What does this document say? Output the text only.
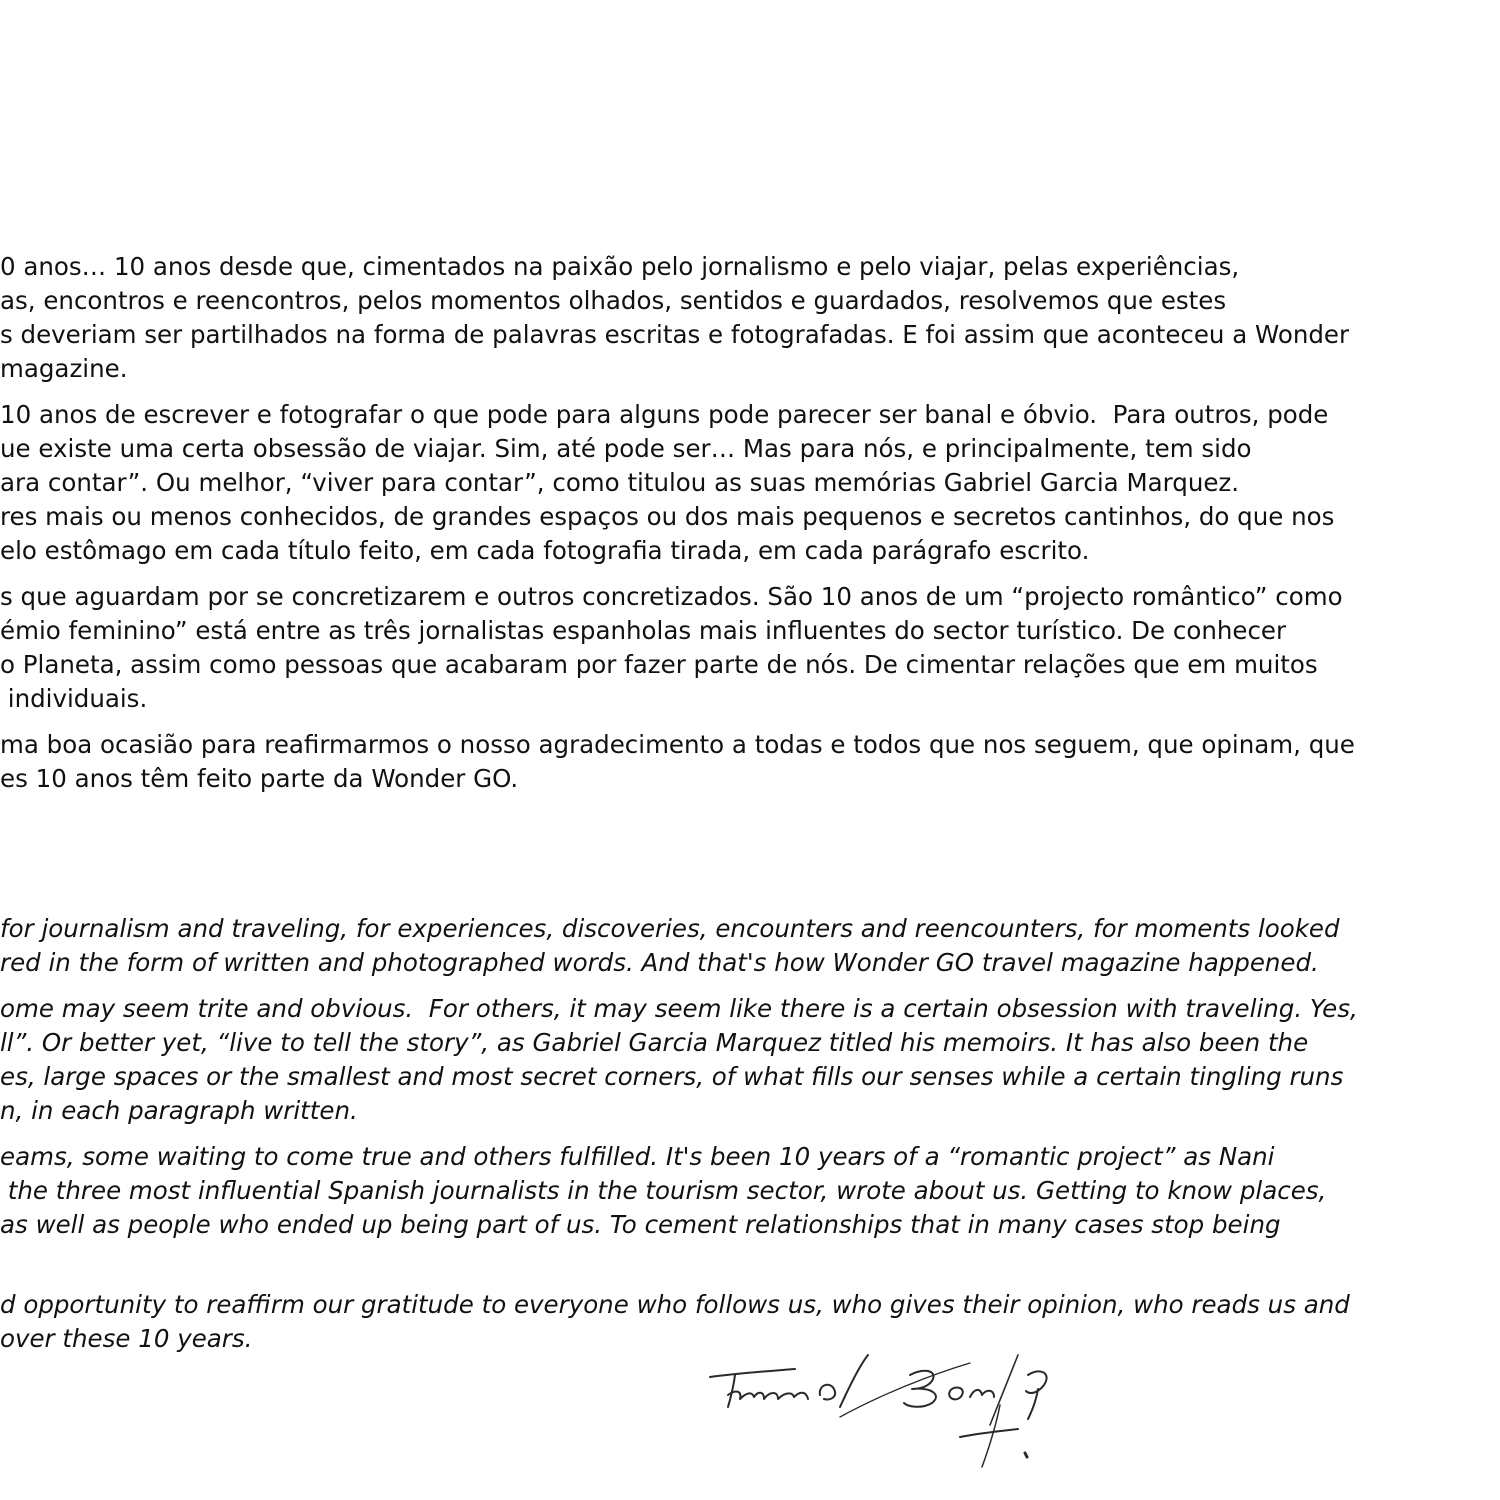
0 anos… 10 anos desde que, cimentados na paixão pelo jornalismo e pelo viajar, pelas experiências,
as, encontros e reencontros, pelos momentos olhados, sentidos e guardados, resolvemos que estes
s deveriam ser partilhados na forma de palavras escritas e fotografadas. E foi assim que aconteceu a Wonder
magazine.
10 anos de escrever e fotografar o que pode para alguns pode parecer ser banal e óbvio.  Para outros, pode
ue existe uma certa obsessão de viajar. Sim, até pode ser… Mas para nós, e principalmente, tem sido
ara contar”. Ou melhor, “viver para contar”, como titulou as suas memórias Gabriel Garcia Marquez.
res mais ou menos conhecidos, de grandes espaços ou dos mais pequenos e secretos cantinhos, do que nos
elo estômago em cada título feito, em cada fotografia tirada, em cada parágrafo escrito.
s que aguardam por se concretizarem e outros concretizados. São 10 anos de um “projecto romântico” como
émio feminino” está entre as três jornalistas espanholas mais influentes do sector turístico. De conhecer
o Planeta, assim como pessoas que acabaram por fazer parte de nós. De cimentar relações que em muitos
individuais.
ma boa ocasião para reafirmarmos o nosso agradecimento a todas e todos que nos seguem, que opinam, que
es 10 anos têm feito parte da Wonder GO.
for journalism and traveling, for experiences, discoveries, encounters and reencounters, for moments looked
red in the form of written and photographed words. And that's how Wonder GO travel magazine happened.
ome may seem trite and obvious.  For others, it may seem like there is a certain obsession with traveling. Yes,
ll”. Or better yet, “live to tell the story”, as Gabriel Garcia Marquez titled his memoirs. It has also been the
es, large spaces or the smallest and most secret corners, of what fills our senses while a certain tingling runs
n, in each paragraph written.
eams, some waiting to come true and others fulfilled. It's been 10 years of a “romantic project” as Nani
the three most influential Spanish journalists in the tourism sector, wrote about us. Getting to know places,
as well as people who ended up being part of us. To cement relationships that in many cases stop being
d opportunity to reaffirm our gratitude to everyone who follows us, who gives their opinion, who reads us and
over these 10 years.
